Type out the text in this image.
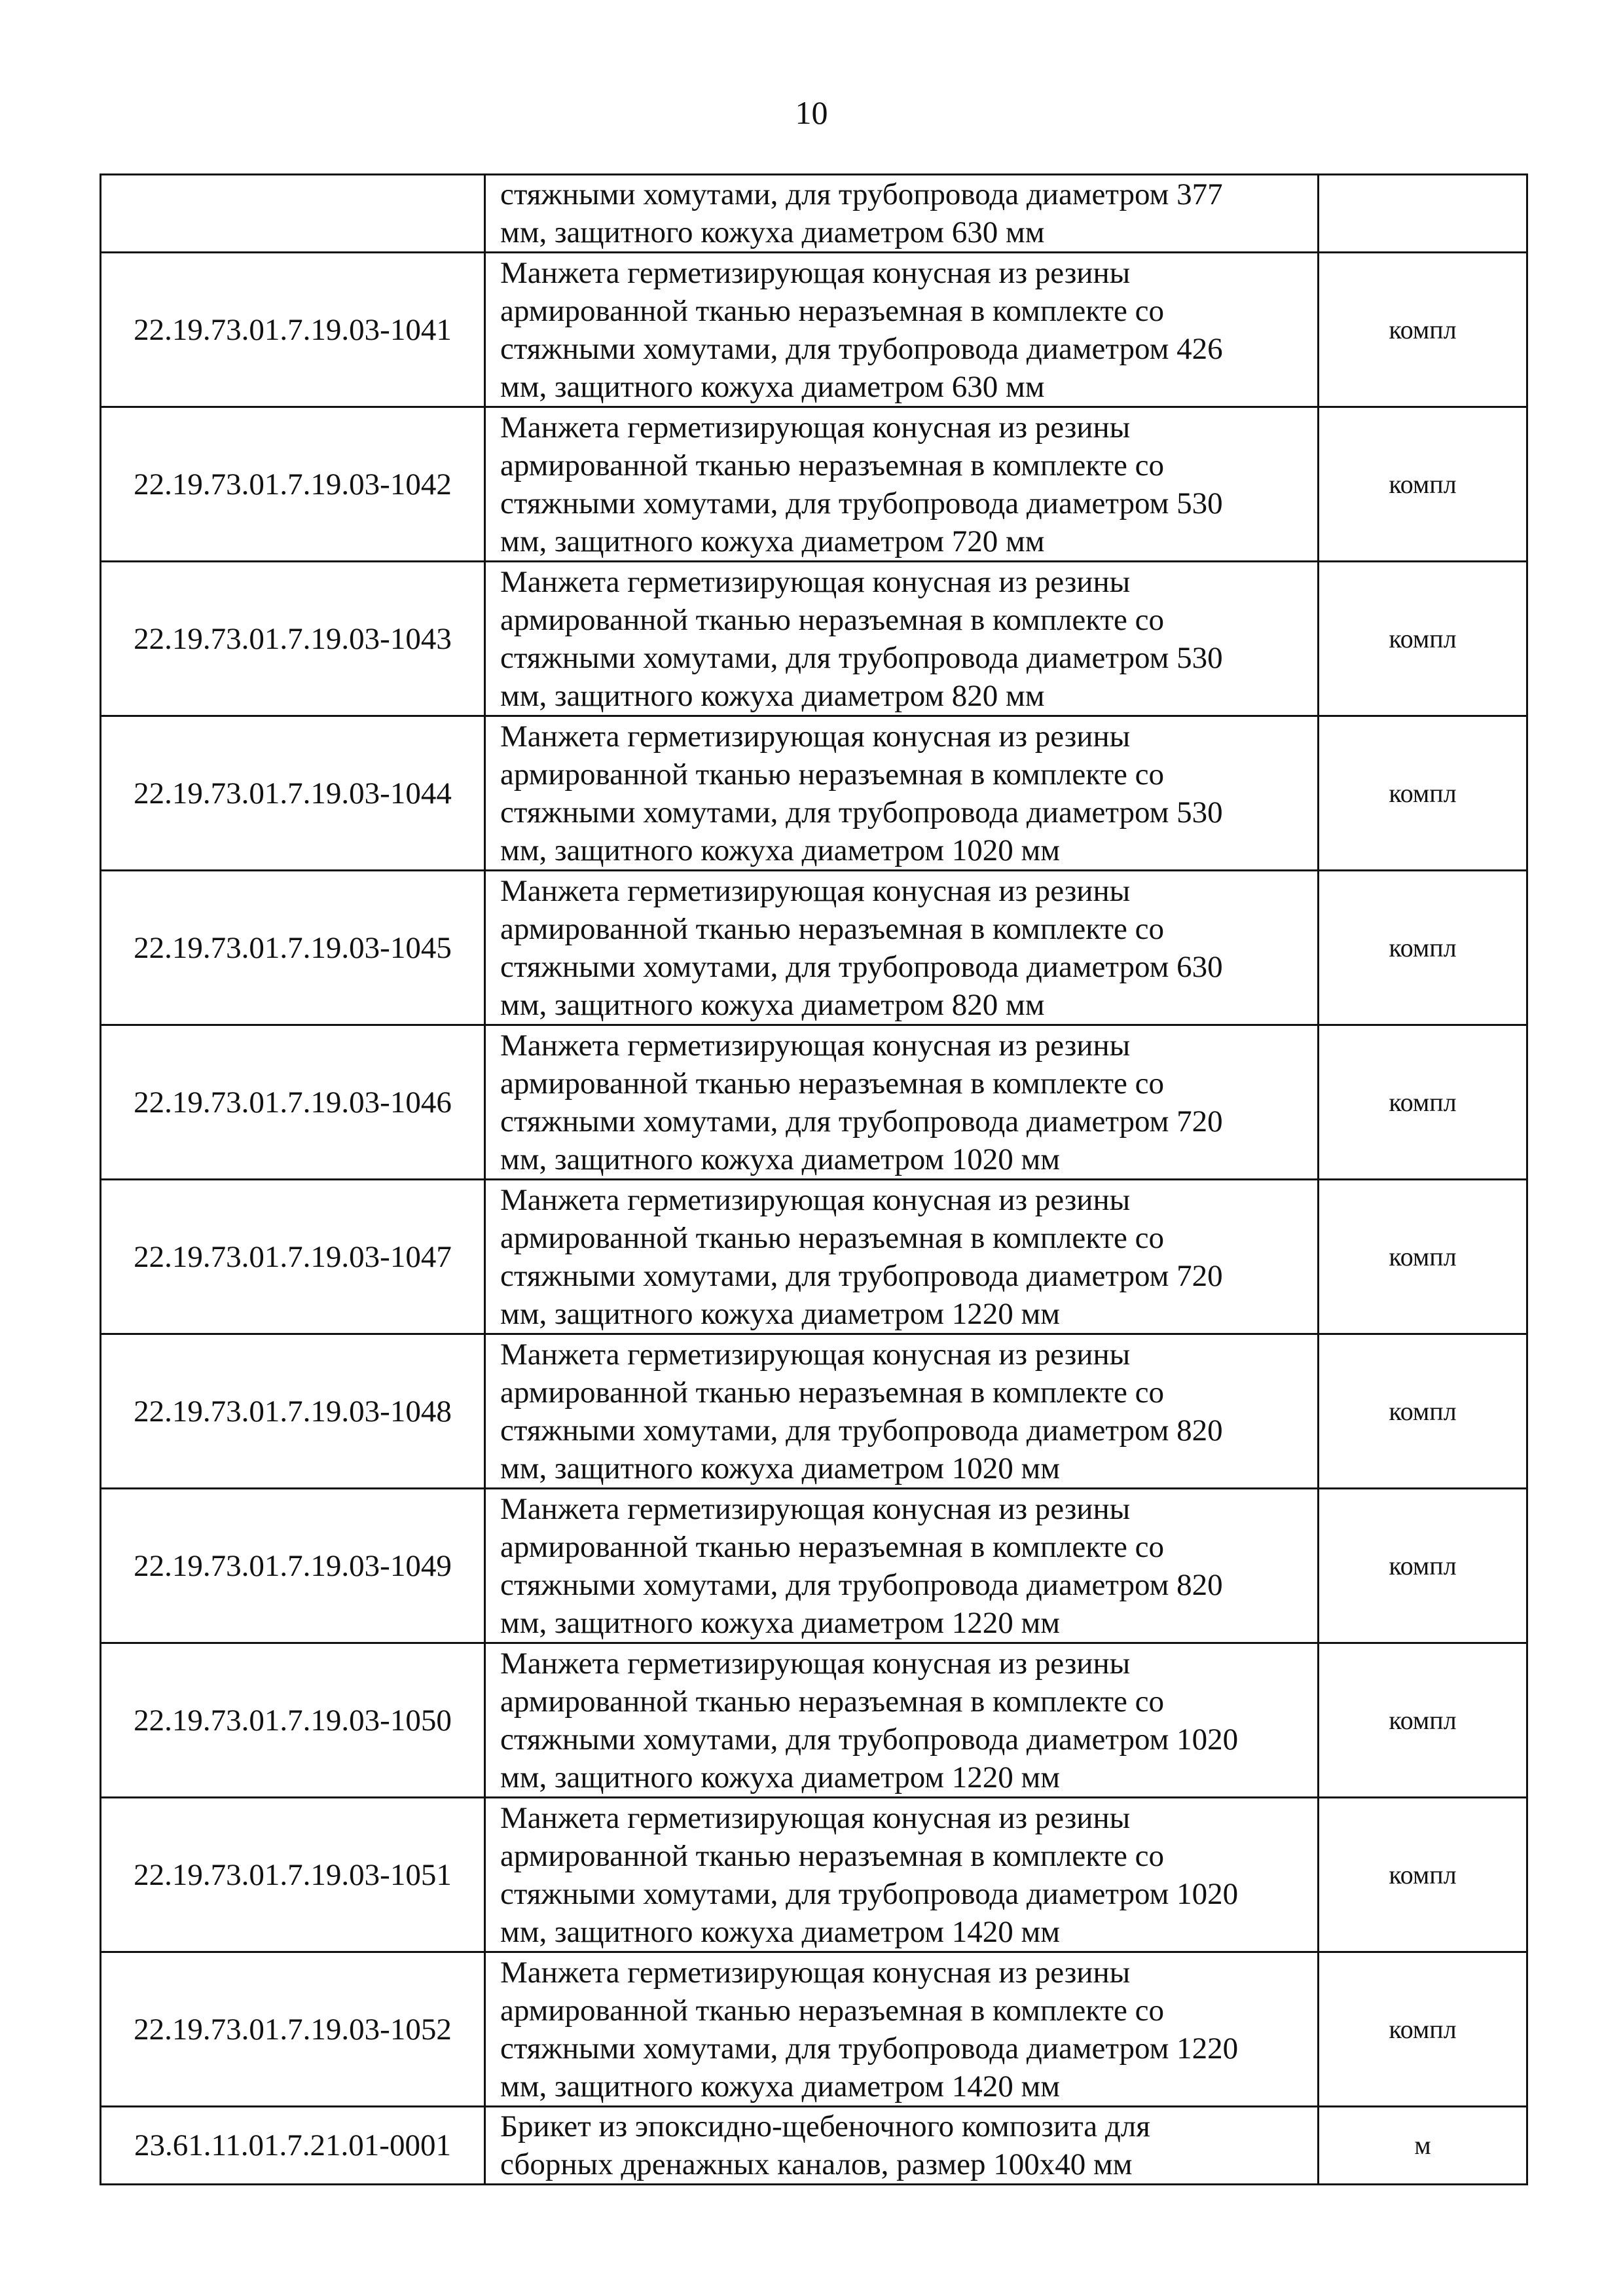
10

	стяжными хомутами, для трубопровода диаметром 377
мм, защитного кожуха диаметром 630 мм	

22.19.73.01.7.19.03-1041	Манжета герметизирующая конусная из резины
армированной тканью неразъемная в комплекте со
стяжными хомутами, для трубопровода диаметром 426
мм, защитного кожуха диаметром 630 мм	компл
22.19.73.01.7.19.03-1042	Манжета герметизирующая конусная из резины
армированной тканью неразъемная в комплекте со
стяжными хомутами, для трубопровода диаметром 530
мм, защитного кожуха диаметром 720 мм	компл
22.19.73.01.7.19.03-1043	Манжета герметизирующая конусная из резины
армированной тканью неразъемная в комплекте со
стяжными хомутами, для трубопровода диаметром 530
мм, защитного кожуха диаметром 820 мм	компл
22.19.73.01.7.19.03-1044	Манжета герметизирующая конусная из резины
армированной тканью неразъемная в комплекте со
стяжными хомутами, для трубопровода диаметром 530
мм, защитного кожуха диаметром 1020 мм	компл
22.19.73.01.7.19.03-1045	Манжета герметизирующая конусная из резины
армированной тканью неразъемная в комплекте со
стяжными хомутами, для трубопровода диаметром 630
мм, защитного кожуха диаметром 820 мм	компл
22.19.73.01.7.19.03-1046	Манжета герметизирующая конусная из резины
армированной тканью неразъемная в комплекте со
стяжными хомутами, для трубопровода диаметром 720
мм, защитного кожуха диаметром 1020 мм	компл
22.19.73.01.7.19.03-1047	Манжета герметизирующая конусная из резины
армированной тканью неразъемная в комплекте со
стяжными хомутами, для трубопровода диаметром 720
мм, защитного кожуха диаметром 1220 мм	компл
22.19.73.01.7.19.03-1048	Манжета герметизирующая конусная из резины
армированной тканью неразъемная в комплекте со
стяжными хомутами, для трубопровода диаметром 820
мм, защитного кожуха диаметром 1020 мм	компл
22.19.73.01.7.19.03-1049	Манжета герметизирующая конусная из резины
армированной тканью неразъемная в комплекте со
стяжными хомутами, для трубопровода диаметром 820
мм, защитного кожуха диаметром 1220 мм	компл
22.19.73.01.7.19.03-1050	Манжета герметизирующая конусная из резины
армированной тканью неразъемная в комплекте со
стяжными хомутами, для трубопровода диаметром 1020
мм, защитного кожуха диаметром 1220 мм	компл
22.19.73.01.7.19.03-1051	Манжета герметизирующая конусная из резины
армированной тканью неразъемная в комплекте со
стяжными хомутами, для трубопровода диаметром 1020
мм, защитного кожуха диаметром 1420 мм	компл
22.19.73.01.7.19.03-1052	Манжета герметизирующая конусная из резины
армированной тканью неразъемная в комплекте со
стяжными хомутами, для трубопровода диаметром 1220
мм, защитного кожуха диаметром 1420 мм	компл
23.61.11.01.7.21.01-0001	Брикет из эпоксидно-щебеночного композита для
сборных дренажных каналов, размер 100х40 мм	м
